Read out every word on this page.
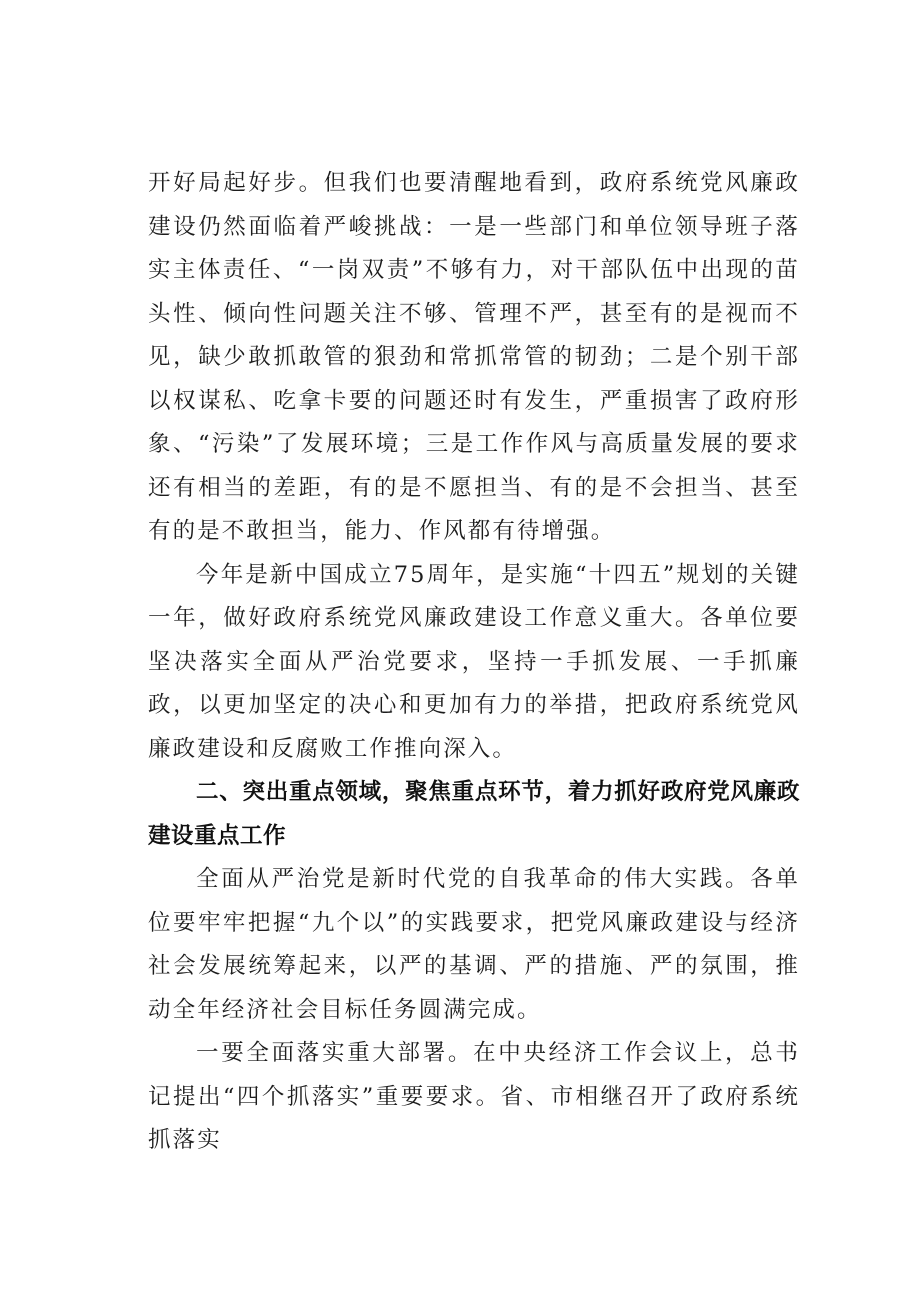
开好局起好步。但我们也要清醒地看到，政府系统党风廉政建设仍然面临着严峻挑战：一是一些部门和单位领导班子落实主体责任、“一岗双责”不够有力，对干部队伍中出现的苗头性、倾向性问题关注不够、管理不严，甚至有的是视而不见，缺少敢抓敢管的狠劲和常抓常管的韧劲；二是个别干部以权谋私、吃拿卡要的问题还时有发生，严重损害了政府形象、“污染”了发展环境；三是工作作风与高质量发展的要求还有相当的差距，有的是不愿担当、有的是不会担当、甚至有的是不敢担当，能力、作风都有待增强。

今年是新中国成立75周年，是实施“十四五”规划的关键一年，做好政府系统党风廉政建设工作意义重大。各单位要坚决落实全面从严治党要求，坚持一手抓发展、一手抓廉政，以更加坚定的决心和更加有力的举措，把政府系统党风廉政建设和反腐败工作推向深入。

二、突出重点领域，聚焦重点环节，着力抓好政府党风廉政建设重点工作

全面从严治党是新时代党的自我革命的伟大实践。各单位要牢牢把握“九个以”的实践要求，把党风廉政建设与经济社会发展统筹起来，以严的基调、严的措施、严的氛围，推动全年经济社会目标任务圆满完成。

一要全面落实重大部署。在中央经济工作会议上，总书记提出“四个抓落实”重要要求。省、市相继召开了政府系统抓落实
